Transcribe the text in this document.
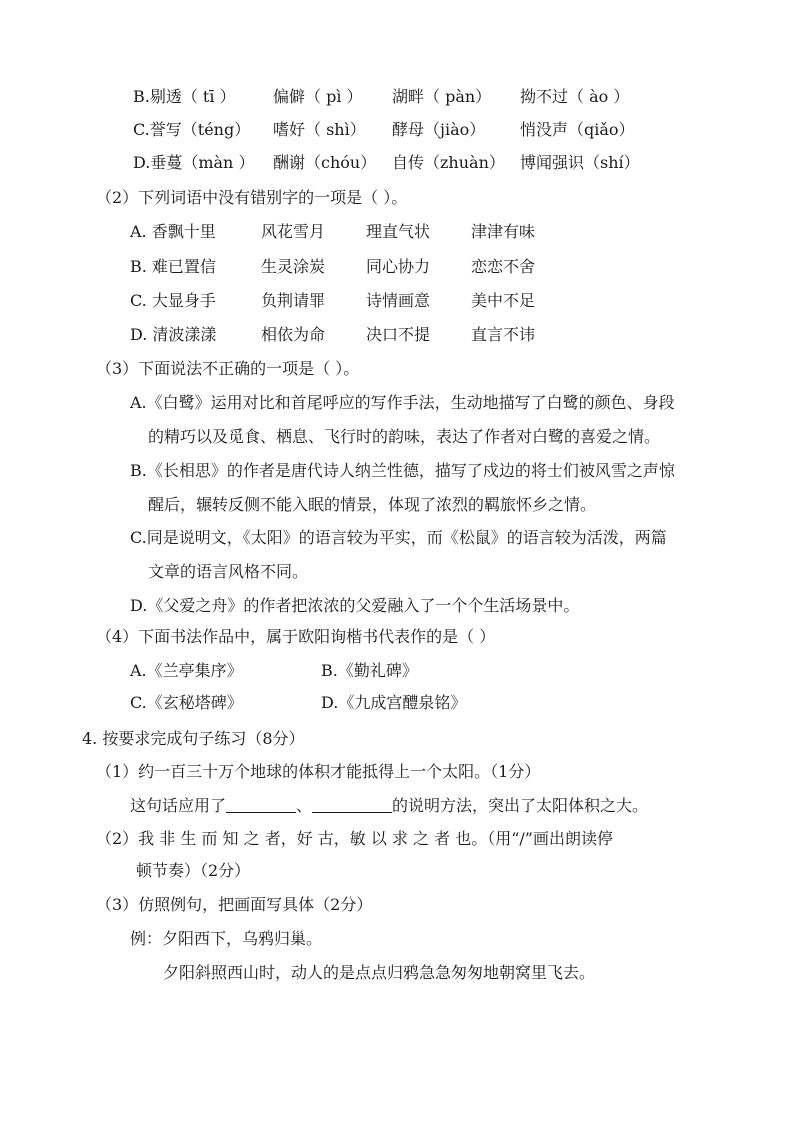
B.剔透（ tī ） 偏僻（ pì ） 湖畔（ pàn） 拗不过（ ào ）
C.誉写（téng） 嗜好（ shì） 酵母（jiào） 悄没声（qiǎo）
D.垂蔓（màn ） 酬谢（chóu） 自传（zhuàn） 博闻强识（shí）
（2）下列词语中没有错别字的一项是（ ）。
A. 香飘十里	风花雪月	理直气状	津津有味
B. 难已置信	生灵涂炭	同心协力	恋恋不舍
C. 大显身手	负荆请罪	诗情画意	美中不足
D. 清波漾漾	相依为命	决口不提	直言不讳
（3）下面说法不正确的一项是（ ）。
A.《白鹭》运用对比和首尾呼应的写作手法，生动地描写了白鹭的颜色、身段
的精巧以及觅食、栖息、飞行时的韵味，表达了作者对白鹭的喜爱之情。
B.《长相思》的作者是唐代诗人纳兰性德，描写了戍边的将士们被风雪之声惊
醒后，辗转反侧不能入眠的情景，体现了浓烈的羁旅怀乡之情。
C.同是说明文，《太阳》的语言较为平实，而《松鼠》的语言较为活泼，两篇
文章的语言风格不同。
D.《父爱之舟》的作者把浓浓的父爱融入了一个个生活场景中。
（4）下面书法作品中，属于欧阳询楷书代表作的是（ ）
A.《兰亭集序》	B.《勤礼碑》
C.《玄秘塔碑》	D.《九成宫醴泉铭》
4. 按要求完成句子练习（8分）
（1）约一百三十万个地球的体积才能抵得上一个太阳。（1分）
这句话应用了	、	的说明方法，突出了太阳体积之大。
（2）我 非 生 而 知 之 者，好 古，敏 以 求 之 者 也。（用“/”画出朗读停
顿节奏）（2分）
（3）仿照例句，把画面写具体（2分）
例：夕阳西下，乌鸦归巢。
夕阳斜照西山时，动人的是点点归鸦急急匆匆地朝窝里飞去。
